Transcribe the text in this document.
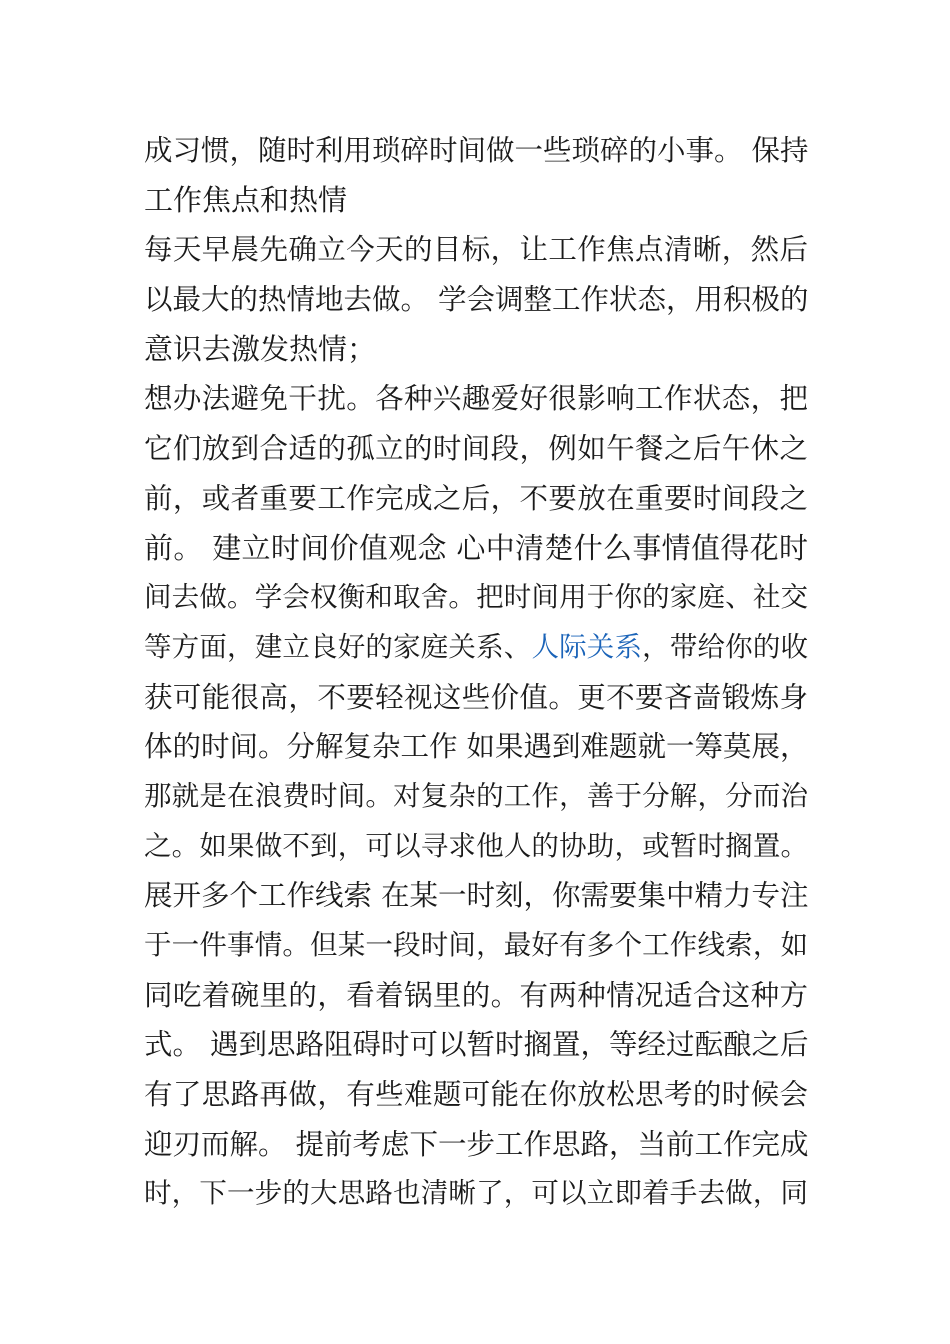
成习惯，随时利用琐碎时间做一些琐碎的小事。 保持
工作焦点和热情
每天早晨先确立今天的目标，让工作焦点清晰，然后
以最大的热情地去做。 学会调整工作状态，用积极的
意识去激发热情；
想办法避免干扰。各种兴趣爱好很影响工作状态，把
它们放到合适的孤立的时间段，例如午餐之后午休之
前，或者重要工作完成之后，不要放在重要时间段之
前。 建立时间价值观念 心中清楚什么事情值得花时
间去做。学会权衡和取舍。把时间用于你的家庭、社交
等方面，建立良好的家庭关系、人际关系，带给你的收
获可能很高，不要轻视这些价值。更不要吝啬锻炼身
体的时间。分解复杂工作 如果遇到难题就一筹莫展，
那就是在浪费时间。对复杂的工作，善于分解，分而治
之。如果做不到，可以寻求他人的协助，或暂时搁置。
展开多个工作线索 在某一时刻，你需要集中精力专注
于一件事情。但某一段时间，最好有多个工作线索，如
同吃着碗里的，看着锅里的。有两种情况适合这种方
式。 遇到思路阻碍时可以暂时搁置，等经过酝酿之后
有了思路再做，有些难题可能在你放松思考的时候会
迎刃而解。 提前考虑下一步工作思路，当前工作完成
时，下一步的大思路也清晰了，可以立即着手去做，同
